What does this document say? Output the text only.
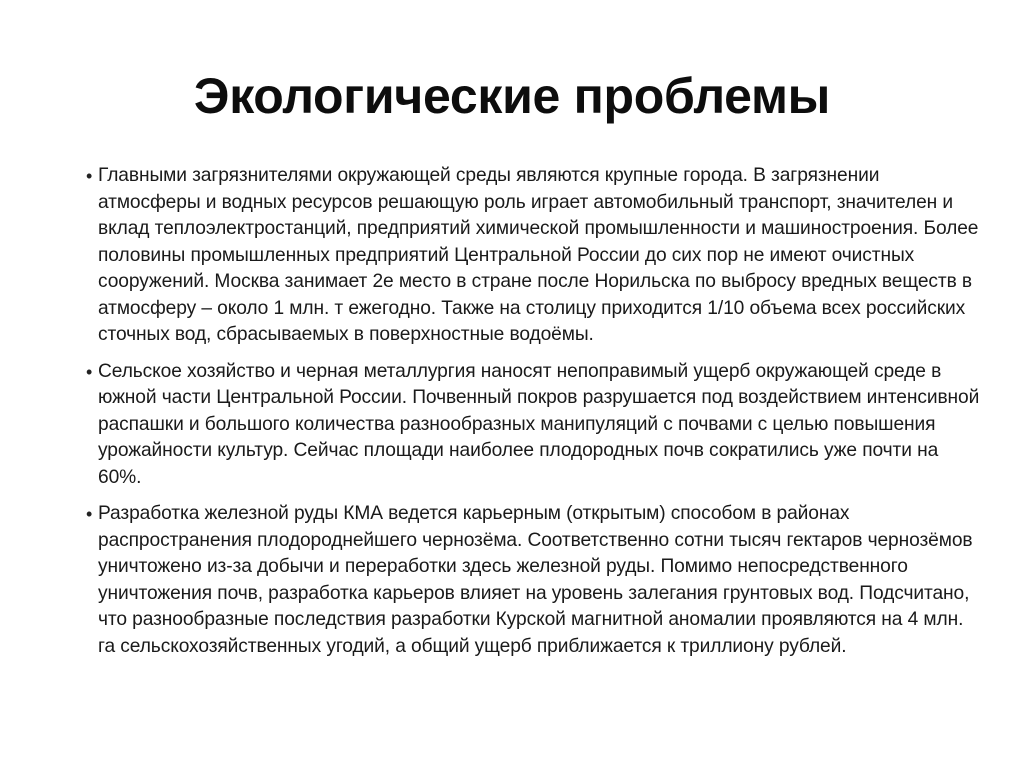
Экологические проблемы
• Главными загрязнителями окружающей среды являются крупные города. В загрязнении атмосферы и водных ресурсов решающую роль играет автомобильный транспорт, значителен и вклад теплоэлектростанций, предприятий химической промышленности и машиностроения. Более половины промышленных предприятий Центральной России до сих пор не имеют очистных сооружений. Москва занимает 2е место в стране после Норильска по выбросу вредных веществ в атмосферу – около 1 млн. т ежегодно. Также на столицу приходится 1/10 объема всех российских сточных вод, сбрасываемых в поверхностные водоёмы.
• Сельское хозяйство и черная металлургия наносят непоправимый ущерб окружающей среде в южной части Центральной России. Почвенный покров разрушается под воздействием интенсивной распашки и большого количества разнообразных манипуляций с почвами с целью повышения урожайности культур. Сейчас площади наиболее плодородных почв сократились уже почти на 60%.
• Разработка железной руды КМА ведется карьерным (открытым) способом в районах распространения плодороднейшего чернозёма. Соответственно сотни тысяч гектаров чернозёмов уничтожено из-за добычи и переработки здесь железной руды. Помимо непосредственного уничтожения почв, разработка карьеров влияет на уровень залегания грунтовых вод. Подсчитано, что разнообразные последствия разработки Курской магнитной аномалии проявляются на 4 млн. га сельскохозяйственных угодий, а общий ущерб приближается к триллиону рублей.
